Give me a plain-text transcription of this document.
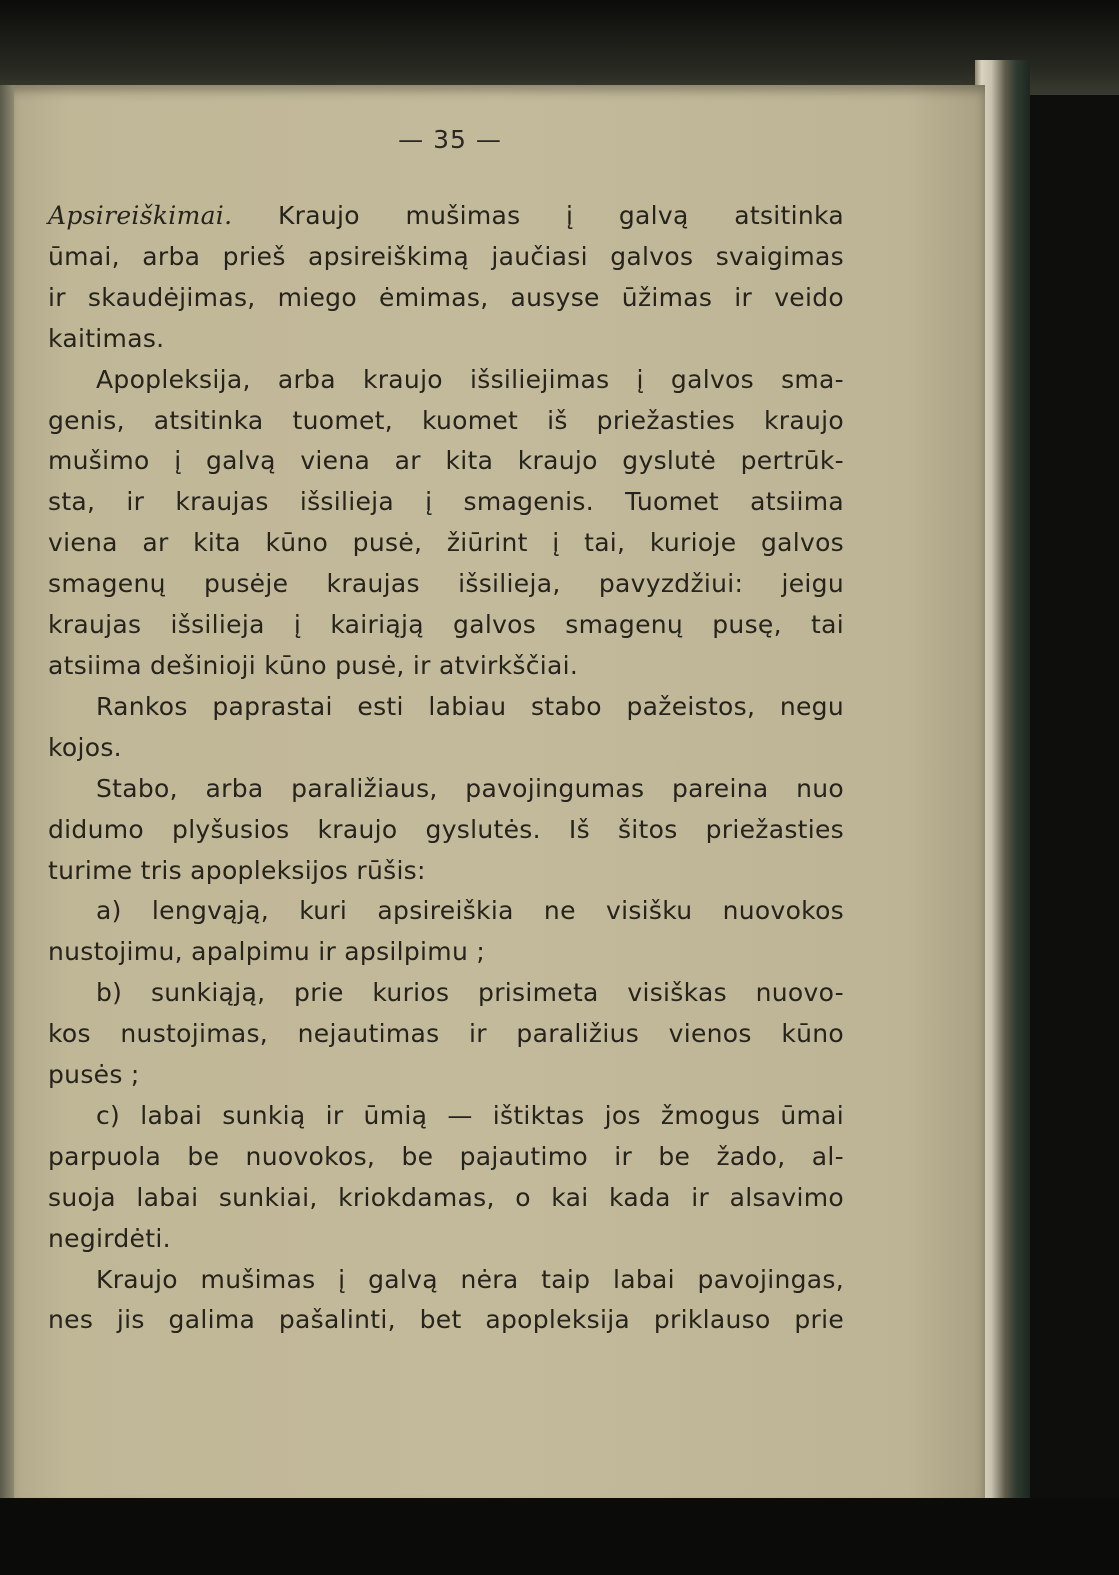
— 35 —

Apsireiškimai. Kraujo mušimas į galvą atsitinka

ūmai, arba prieš apsireiškimą jaučiasi galvos svaigimas

ir skaudėjimas, miego ėmimas, ausyse ūžimas ir veido

kaitimas.

Apopleksija, arba kraujo išsiliejimas į galvos sma-

genis, atsitinka tuomet, kuomet iš priežasties kraujo

mušimo į galvą viena ar kita kraujo gyslutė pertrūk-

sta, ir kraujas išsilieja į smagenis. Tuomet atsiima

viena ar kita kūno pusė, žiūrint į tai, kurioje galvos

smagenų pusėje kraujas išsilieja, pavyzdžiui: jeigu

kraujas išsilieja į kairiąją galvos smagenų pusę, tai

atsiima dešinioji kūno pusė, ir atvirkščiai.

Rankos paprastai esti labiau stabo pažeistos, negu

kojos.

Stabo, arba paraližiaus, pavojingumas pareina nuo

didumo plyšusios kraujo gyslutės. Iš šitos priežasties

turime tris apopleksijos rūšis:

a) lengvąją, kuri apsireiškia ne visišku nuovokos

nustojimu, apalpimu ir apsilpimu ;

b) sunkiąją, prie kurios prisimeta visiškas nuovo-

kos nustojimas, nejautimas ir paraližius vienos kūno

pusės ;

c) labai sunkią ir ūmią — ištiktas jos žmogus ūmai

parpuola be nuovokos, be pajautimo ir be žado, al-

suoja labai sunkiai, kriokdamas, o kai kada ir alsavimo

negirdėti.

Kraujo mušimas į galvą nėra taip labai pavojingas,

nes jis galima pašalinti, bet apopleksija priklauso prie
